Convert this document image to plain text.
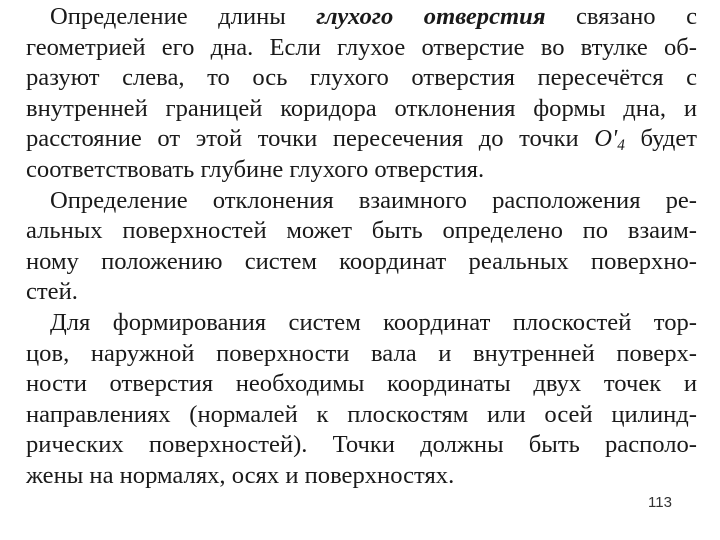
Определение длины глухого отверстия связано с
геометрией его дна. Если глухое отверстие во втулке об-
разуют слева, то ось глухого отверстия пересечётся с
внутренней границей коридора отклонения формы дна, и
расстояние от этой точки пересечения до точки $O'_4$ будет
соответствовать глубине глухого отверстия.
Определение отклонения взаимного расположения ре-
альных поверхностей может быть определено по взаим-
ному положению систем координат реальных поверхно-
стей.
Для формирования систем координат плоскостей тор-
цов, наружной поверхности вала и внутренней поверх-
ности отверстия необходимы координаты двух точек и
направлениях (нормалей к плоскостям или осей цилинд-
рических поверхностей). Точки должны быть располо-
жены на нормалях, осях и поверхностях.
113
